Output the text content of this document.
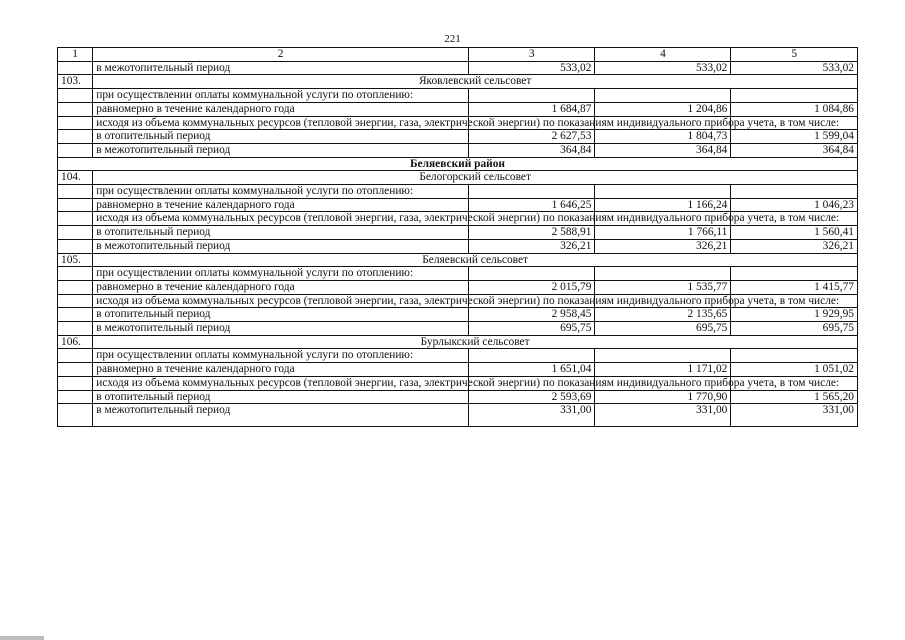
221
1	2	3	4	5
	в межотопительный период	533,02	533,02	533,02
103.	Яковлевский сельсовет			
	при осуществлении оплаты коммунальной услуги по отоплению:			
	равномерно в течение календарного года	1 684,87	1 204,86	1 084,86
	исходя из объема коммунальных ресурсов (тепловой энергии, газа, электрической энергии) по показаниям индивидуального прибора учета, в том числе:			
	в отопительный период	2 627,53	1 804,73	1 599,04
	в межотопительный период	364,84	364,84	364,84
Беляевский район				
104.	Белогорский сельсовет			
	при осуществлении оплаты коммунальной услуги по отоплению:			
	равномерно в течение календарного года	1 646,25	1 166,24	1 046,23
	исходя из объема коммунальных ресурсов (тепловой энергии, газа, электрической энергии) по показаниям индивидуального прибора учета, в том числе:			
	в отопительный период	2 588,91	1 766,11	1 560,41
	в межотопительный период	326,21	326,21	326,21
105.	Беляевский сельсовет			
	при осуществлении оплаты коммунальной услуги по отоплению:			
	равномерно в течение календарного года	2 015,79	1 535,77	1 415,77
	исходя из объема коммунальных ресурсов (тепловой энергии, газа, электрической энергии) по показаниям индивидуального прибора учета, в том числе:			
	в отопительный период	2 958,45	2 135,65	1 929,95
	в межотопительный период	695,75	695,75	695,75
106.	Бурлыкский сельсовет			
	при осуществлении оплаты коммунальной услуги по отоплению:			
	равномерно в течение календарного года	1 651,04	1 171,02	1 051,02
	исходя из объема коммунальных ресурсов (тепловой энергии, газа, электрической энергии) по показаниям индивидуального прибора учета, в том числе:			
	в отопительный период	2 593,69	1 770,90	1 565,20
	в межотопительный период	331,00	331,00	331,00
